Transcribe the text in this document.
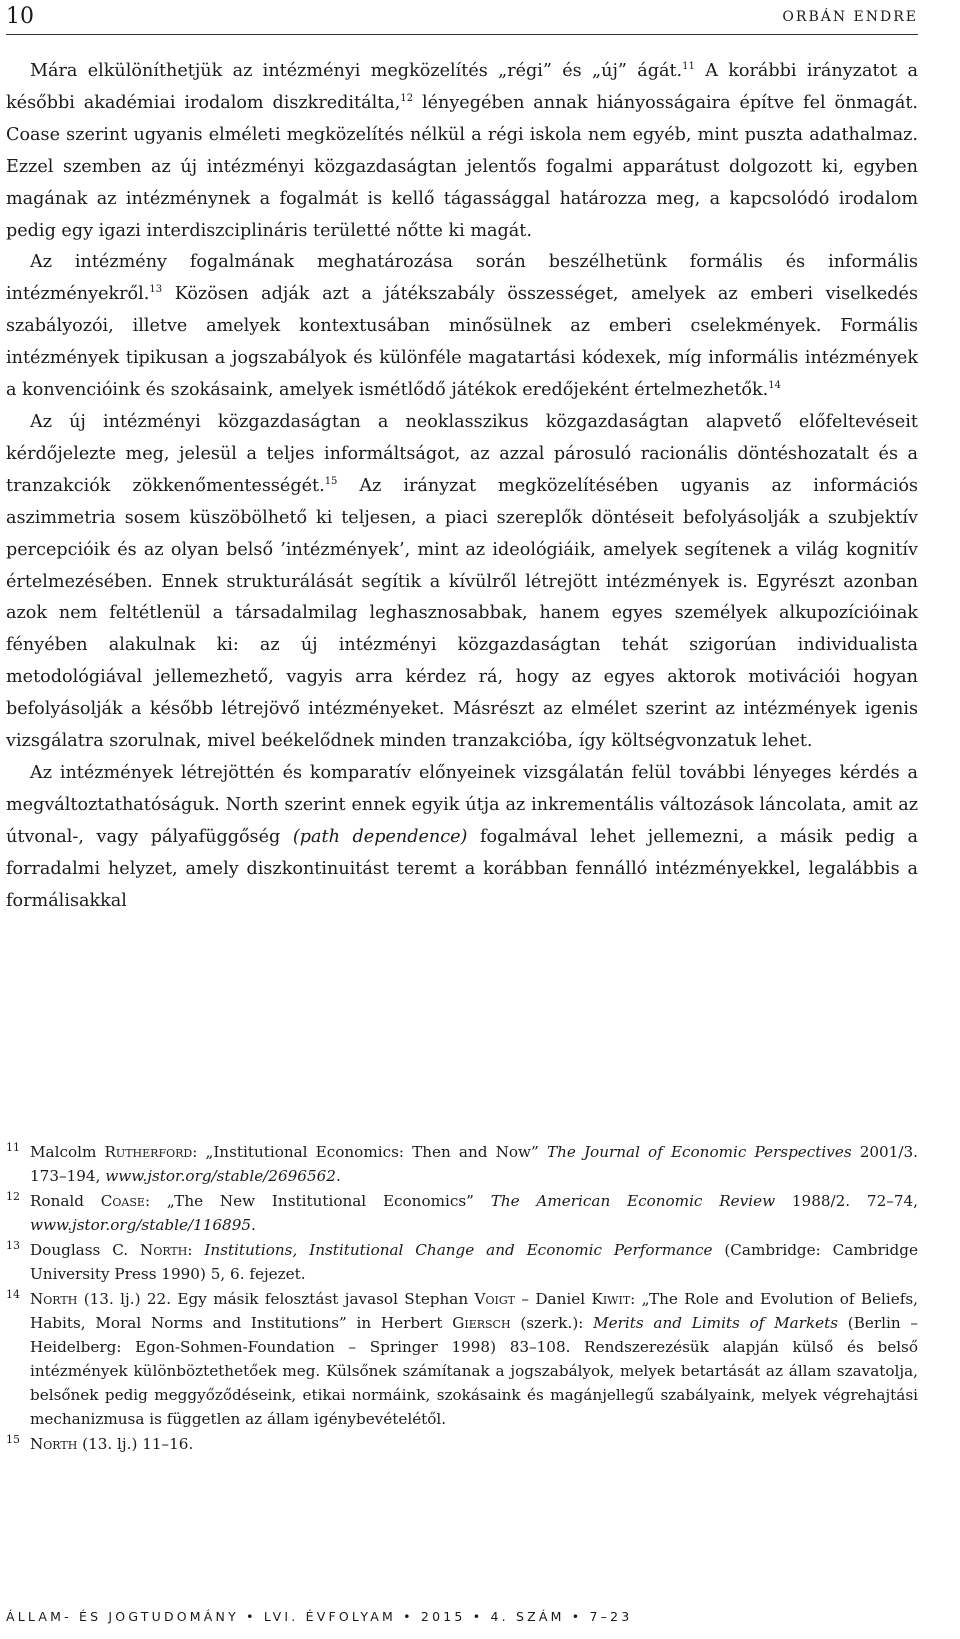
10	ORBÁN ENDRE

Mára elkülöníthetjük az intézményi megközelítés „régi” és „új” ágát.$^{11}$ A korábbi irányzatot a későbbi akadémiai irodalom diszkreditálta,$^{12}$ lényegében annak hiányosságaira építve fel önmagát. Coase szerint ugyanis elméleti megközelítés nélkül a régi iskola nem egyéb, mint puszta adathalmaz. Ezzel szemben az új intézményi közgazdaságtan jelentős fogalmi apparátust dolgozott ki, egyben magának az intézménynek a fogalmát is kellő tágassággal határozza meg, a kapcsolódó irodalom pedig egy igazi interdiszciplináris területté nőtte ki magát.

Az intézmény fogalmának meghatározása során beszélhetünk formális és informális intézményekről.$^{13}$ Közösen adják azt a játékszabály összességet, amelyek az emberi viselkedés szabályozói, illetve amelyek kontextusában minősülnek az emberi cselekmények. Formális intézmények tipikusan a jogszabályok és különféle magatartási kódexek, míg informális intézmények a konvencióink és szokásaink, amelyek ismétlődő játékok eredőjeként értelmezhetők.$^{14}$

Az új intézményi közgazdaságtan a neoklasszikus közgazdaságtan alapvető előfeltevéseit kérdőjelezte meg, jelesül a teljes informáltságot, az azzal párosuló racionális döntéshozatalt és a tranzakciók zökkenőmentességét.$^{15}$ Az irányzat megközelítésében ugyanis az információs aszimmetria sosem küszöbölhető ki teljesen, a piaci szereplők döntéseit befolyásolják a szubjektív percepcióik és az olyan belső ’intézmények’, mint az ideológiáik, amelyek segítenek a világ kognitív értelmezésében. Ennek strukturálását segítik a kívülről létrejött intézmények is. Egyrészt azonban azok nem feltétlenül a társadalmilag leghasznosabbak, hanem egyes személyek alkupozícióinak fényében alakulnak ki: az új intézményi közgazdaságtan tehát szigorúan individualista metodológiával jellemezhető, vagyis arra kérdez rá, hogy az egyes aktorok motivációi hogyan befolyásolják a később létrejövő intézményeket. Másrészt az elmélet szerint az intézmények igenis vizsgálatra szorulnak, mivel beékelődnek minden tranzakcióba, így költségvonzatuk lehet.

Az intézmények létrejöttén és komparatív előnyeinek vizsgálatán felül további lényeges kérdés a megváltoztathatóságuk. North szerint ennek egyik útja az inkrementális változások láncolata, amit az útvonal-, vagy pályafüggőség (path dependence) fogalmával lehet jellemezni, a másik pedig a forradalmi helyzet, amely diszkontinuitást teremt a korábban fennálló intézményekkel, legalábbis a formálisakkal

11 Malcolm Rutherford: „Institutional Economics: Then and Now” The Journal of Economic Perspectives 2001/3. 173–194, www.jstor.org/stable/2696562.

12 Ronald Coase: „The New Institutional Economics” The American Economic Review 1988/2. 72–74, www.jstor.org/stable/116895.

13 Douglass C. North: Institutions, Institutional Change and Economic Performance (Cambridge: Cambridge University Press 1990) 5, 6. fejezet.

14 North (13. lj.) 22. Egy másik felosztást javasol Stephan Voigt – Daniel Kiwit: „The Role and Evolution of Beliefs, Habits, Moral Norms and Institutions” in Herbert Giersch (szerk.): Merits and Limits of Markets (Berlin – Heidelberg: Egon-Sohmen-Foundation – Springer 1998) 83–108. Rendszerezésük alapján külső és belső intézmények különböztethetőek meg. Külsőnek számítanak a jogszabályok, melyek betartását az állam szavatolja, belsőnek pedig meggyőződéseink, etikai normáink, szokásaink és magánjellegű szabályaink, melyek végrehajtási mechanizmusa is független az állam igénybevételétől.

15 North (13. lj.) 11–16.

ÁLLAM- ÉS JOGTUDOMÁNY • LVI. ÉVFOLYAM • 2015 • 4. SZÁM • 7–23
